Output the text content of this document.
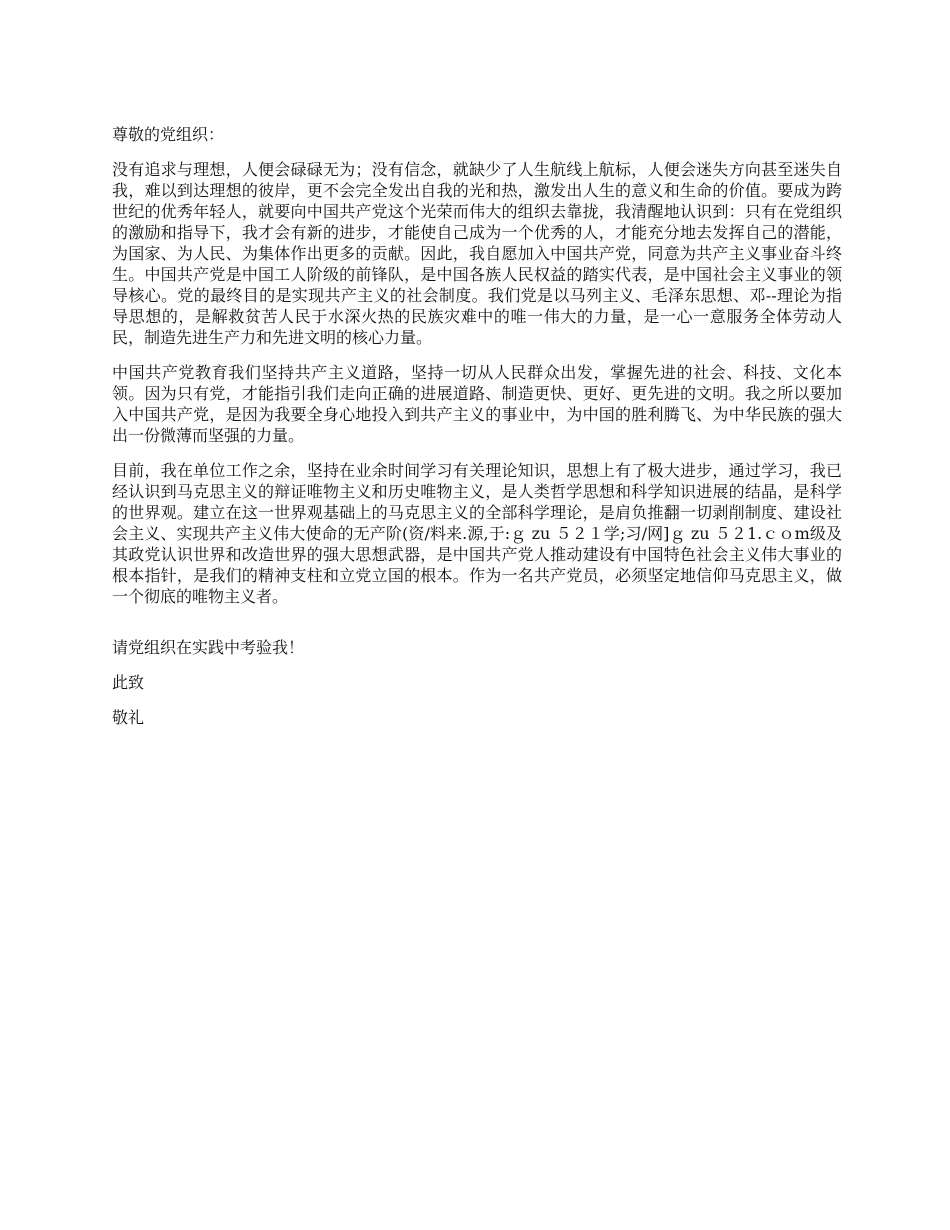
尊敬的党组织：

没有追求与理想，人便会碌碌无为；没有信念，就缺少了人生航线上航标，人便会迷失方向甚至迷失自我，难以到达理想的彼岸，更不会完全发出自我的光和热，激发出人生的意义和生命的价值。要成为跨世纪的优秀年轻人，就要向中国共产党这个光荣而伟大的组织去靠拢，我清醒地认识到：只有在党组织的激励和指导下，我才会有新的进步，才能使自己成为一个优秀的人，才能充分地去发挥自己的潜能，为国家、为人民、为集体作出更多的贡献。因此，我自愿加入中国共产党，同意为共产主义事业奋斗终生。中国共产党是中国工人阶级的前锋队，是中国各族人民权益的踏实代表，是中国社会主义事业的领导核心。党的最终目的是实现共产主义的社会制度。我们党是以马列主义、毛泽东思想、邓--理论为指导思想的，是解救贫苦人民于水深火热的民族灾难中的唯一伟大的力量，是一心一意服务全体劳动人民，制造先进生产力和先进文明的核心力量。

中国共产党教育我们坚持共产主义道路，坚持一切从人民群众出发，掌握先进的社会、科技、文化本领。因为只有党，才能指引我们走向正确的进展道路、制造更快、更好、更先进的文明。我之所以要加入中国共产党，是因为我要全身心地投入到共产主义的事业中，为中国的胜利腾飞、为中华民族的强大出一份微薄而坚强的力量。

目前，我在单位工作之余，坚持在业余时间学习有关理论知识，思想上有了极大进步，通过学习，我已经认识到马克思主义的辩证唯物主义和历史唯物主义，是人类哲学思想和科学知识进展的结晶，是科学的世界观。建立在这一世界观基础上的马克思主义的全部科学理论，是肩负推翻一切剥削制度、建设社会主义、实现共产主义伟大使命的无产阶(资/料来.源,于:ｇ zu ５２１学;习/网]ｇ zu ５２1.ｃｏm级及其政党认识世界和改造世界的强大思想武器，是中国共产党人推动建设有中国特色社会主义伟大事业的根本指针，是我们的精神支柱和立党立国的根本。作为一名共产党员，必须坚定地信仰马克思主义，做一个彻底的唯物主义者。

请党组织在实践中考验我！

此致

敬礼
